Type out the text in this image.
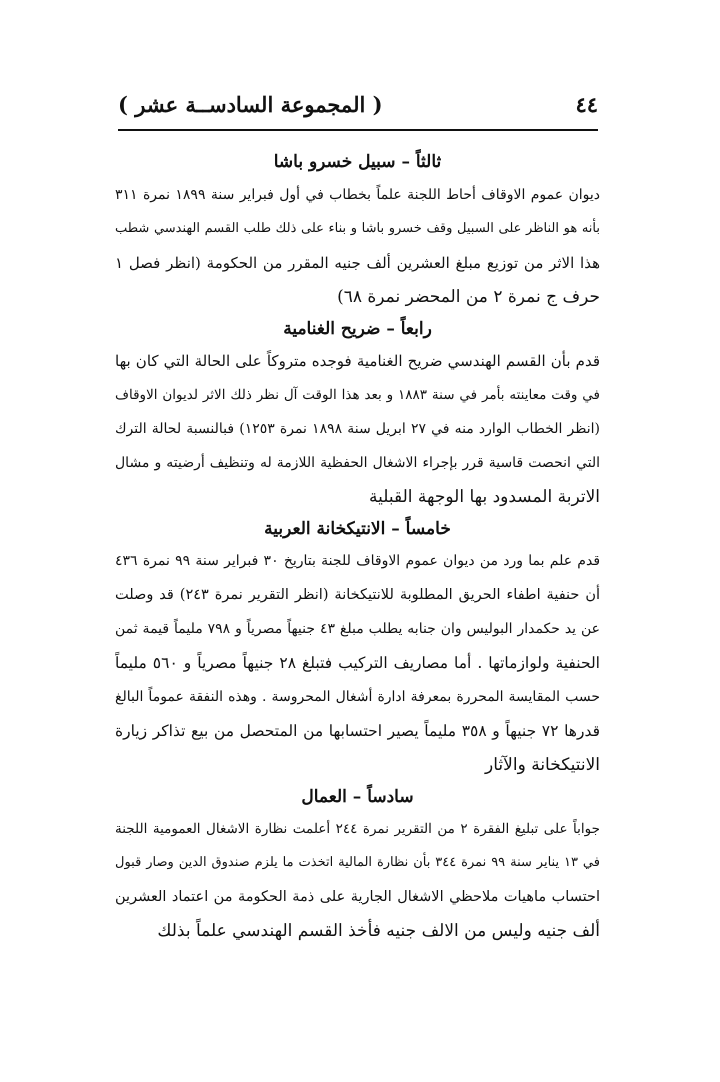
٤٤
( المجموعة السادســة عشر )
ثالثاً – سبيل خسرو باشا
ديوان عموم الاوقاف أحاط اللجنة علماً بخطاب في أول فبراير سنة ١٨٩٩ نمرة ٣١١
بأنه هو الناظر على السبيل وقف خسرو باشا و بناء على ذلك طلب القسم الهندسي شطب
هذا الاثر من توزيع مبلغ العشرين ألف جنيه المقرر من الحكومة (انظر فصل ١
حرف ج نمرة ٢ من المحضر نمرة ٦٨)
رابعاً – ضريح الغنامية
قدم بأن القسم الهندسي ضريح الغنامية فوجده متروكاً على الحالة التي كان بها
في وقت معاينته بأمر في سنة ١٨٨٣ و بعد هذا الوقت آل نظر ذلك الاثر لديوان الاوقاف
(انظر الخطاب الوارد منه في ٢٧ ابريل سنة ١٨٩٨ نمرة ١٢٥٣) فبالنسبة لحالة الترك
التي انحصت قاسية قرر بإجراء الاشغال الحفظية اللازمة له وتنظيف أرضيته و مشال
الاتربة المسدود بها الوجهة القبلية
خامساً – الانتيكخانة العربية
قدم علم بما ورد من ديوان عموم الاوقاف للجنة بتاريخ ٣٠ فبراير سنة ٩٩ نمرة ٤٣٦
أن حنفية اطفاء الحريق المطلوبة للانتيكخانة (انظر التقرير نمرة ٢٤٣) قد وصلت
عن يد حكمدار البوليس وان جنابه يطلب مبلغ ٤٣ جنيهاً مصرياً و ٧٩٨ مليماً قيمة ثمن
الحنفية ولوازماتها . أما مصاريف التركيب فتبلغ ٢٨ جنيهاً مصرياً و ٥٦٠ مليماً
حسب المقايسة المحررة بمعرفة ادارة أشغال المحروسة . وهذه النفقة عموماً البالغ
قدرها ٧٢ جنيهاً و ٣٥٨ مليماً يصير احتسابها من المتحصل من بيع تذاكر زيارة
الانتيكخانة والآثار
سادساً – العمال
جواباً على تبليغ الفقرة ٢ من التقرير نمرة ٢٤٤ أعلمت نظارة الاشغال العمومية اللجنة
في ١٣ يناير سنة ٩٩ نمرة ٣٤٤ بأن نظارة المالية اتخذت ما يلزم صندوق الدين وصار قبول
احتساب ماهيات ملاحظي الاشغال الجارية على ذمة الحكومة من اعتماد العشرين
ألف جنيه وليس من الالف جنيه فأخذ القسم الهندسي علماً بذلك
